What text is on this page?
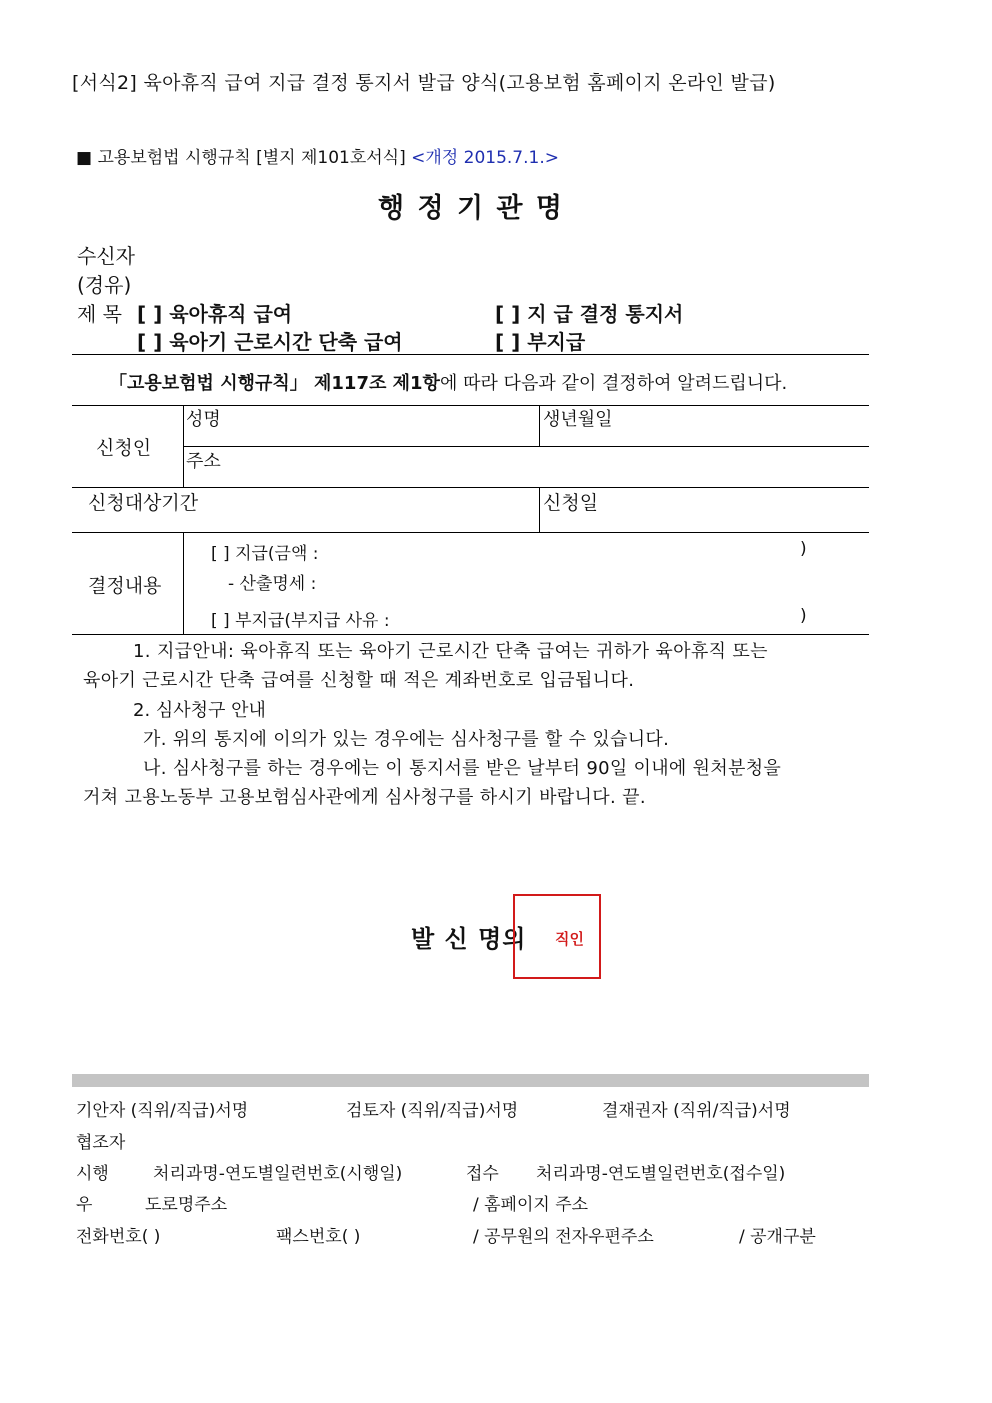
[서식2] 육아휴직 급여 지급 결정 통지서 발급 양식(고용보험 홈페이지 온라인 발급)
■ 고용보험법 시행규칙 [별지 제101호서식] <개정 2015.7.1.>
행 정 기 관 명
수신자
(경유)
제 목 [ ] 육아휴직 급여	[ ] 지 급 결정 통지서
[ ] 육아기 근로시간 단축 급여	[ ] 부지급
「고용보험법 시행규칙」 제117조 제1항에 따라 다음과 같이 결정하여 알려드립니다.
신청인
성명	생년월일
주소
신청대상기간	신청일
결정내용
[ ] 지급(금액 :	)
- 산출명세 :
[ ] 부지급(부지급 사유 :	)
1. 지급안내: 육아휴직 또는 육아기 근로시간 단축 급여는 귀하가 육아휴직 또는
육아기 근로시간 단축 급여를 신청할 때 적은 계좌번호로 입금됩니다.
2. 심사청구 안내
가. 위의 통지에 이의가 있는 경우에는 심사청구를 할 수 있습니다.
나. 심사청구를 하는 경우에는 이 통지서를 받은 날부터 90일 이내에 원처분청을
거쳐 고용노동부 고용보험심사관에게 심사청구를 하시기 바랍니다. 끝.
발 신 명의 직인
기안자 (직위/직급)서명	검토자 (직위/직급)서명	결재권자 (직위/직급)서명
협조자
시행	처리과명-연도별일련번호(시행일)	접수 처리과명-연도별일련번호(접수일)
우	도로명주소	/ 홈페이지 주소
전화번호( )	팩스번호( )	/ 공무원의 전자우편주소	/ 공개구분
